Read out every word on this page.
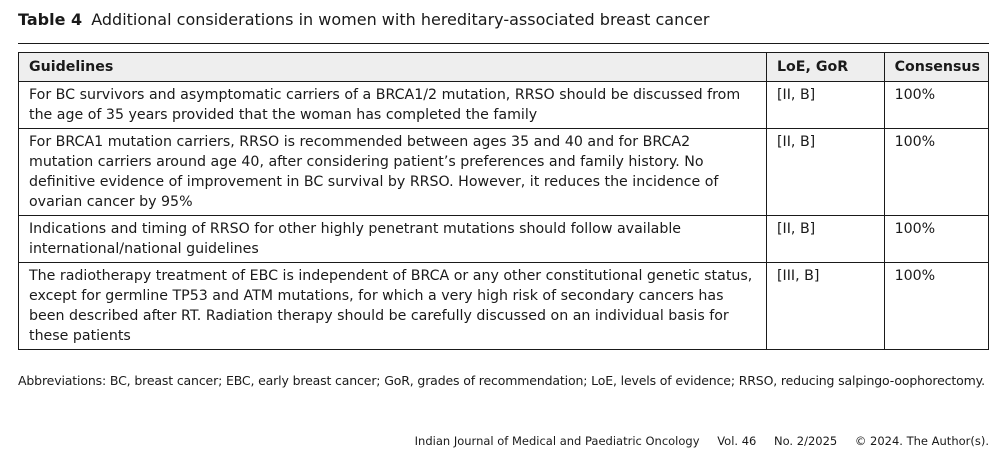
Table 4 Additional considerations in women with hereditary-associated breast cancer
Guidelines	LoE, GoR	Consensus
For BC survivors and asymptomatic carriers of a BRCA1/2 mutation, RRSO should be discussed from the age of 35 years provided that the woman has completed the family	[II, B]	100%
For BRCA1 mutation carriers, RRSO is recommended between ages 35 and 40 and for BRCA2 mutation carriers around age 40, after considering patient’s preferences and family history. No definitive evidence of improvement in BC survival by RRSO. However, it reduces the incidence of ovarian cancer by 95%	[II, B]	100%
Indications and timing of RRSO for other highly penetrant mutations should follow available international/national guidelines	[II, B]	100%
The radiotherapy treatment of EBC is independent of BRCA or any other constitutional genetic status, except for germline TP53 and ATM mutations, for which a very high risk of secondary cancers has been described after RT. Radiation therapy should be carefully discussed on an individual basis for these patients	[III, B]	100%
Abbreviations: BC, breast cancer; EBC, early breast cancer; GoR, grades of recommendation; LoE, levels of evidence; RRSO, reducing salpingo-oophorectomy.
Indian Journal of Medical and Paediatric Oncology Vol. 46 No. 2/2025 © 2024. The Author(s).
